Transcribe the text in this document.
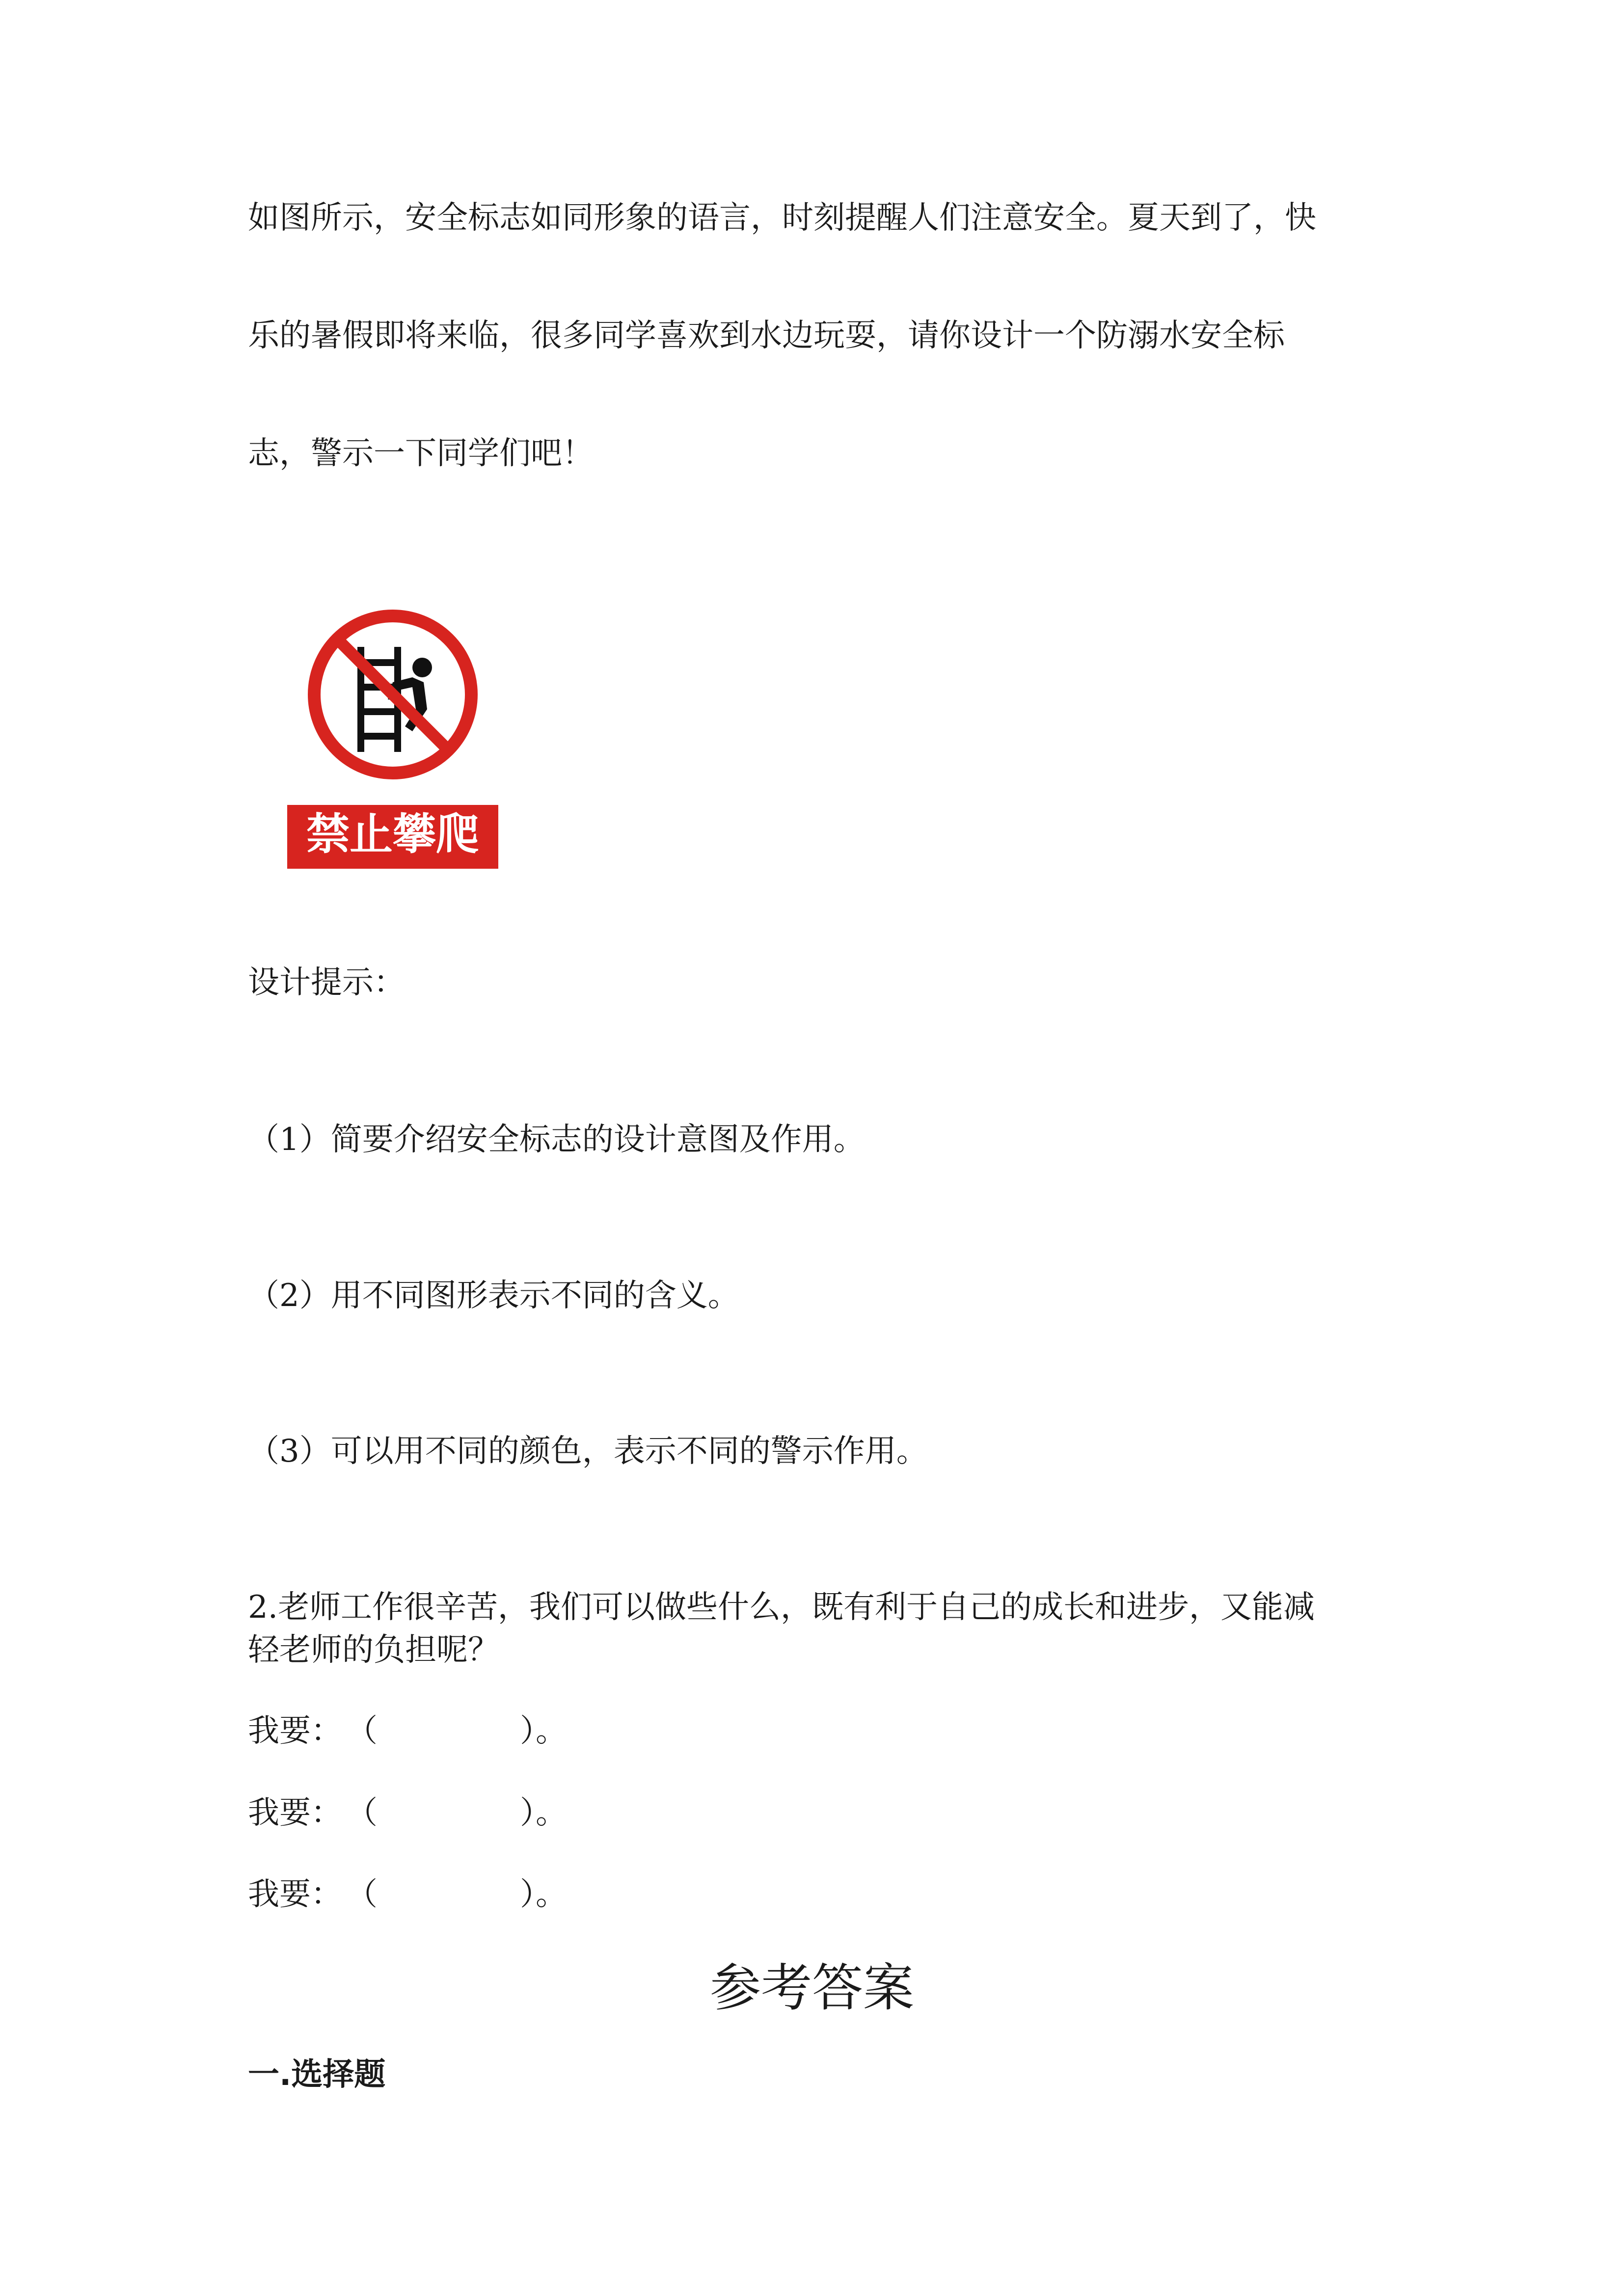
如图所示，安全标志如同形象的语言，时刻提醒人们注意安全。夏天到了，快

乐的暑假即将来临，很多同学喜欢到水边玩耍，请你设计一个防溺水安全标

志，警示一下同学们吧！

禁止攀爬

设计提示：

（1）简要介绍安全标志的设计意图及作用。

（2）用不同图形表示不同的含义。

（3）可以用不同的颜色，表示不同的警示作用。

2.老师工作很辛苦，我们可以做些什么，既有利于自己的成长和进步，又能减

轻老师的负担呢？

我要： （	）。
我要： （	）。
我要： （	）。
参考答案
一.选择题
